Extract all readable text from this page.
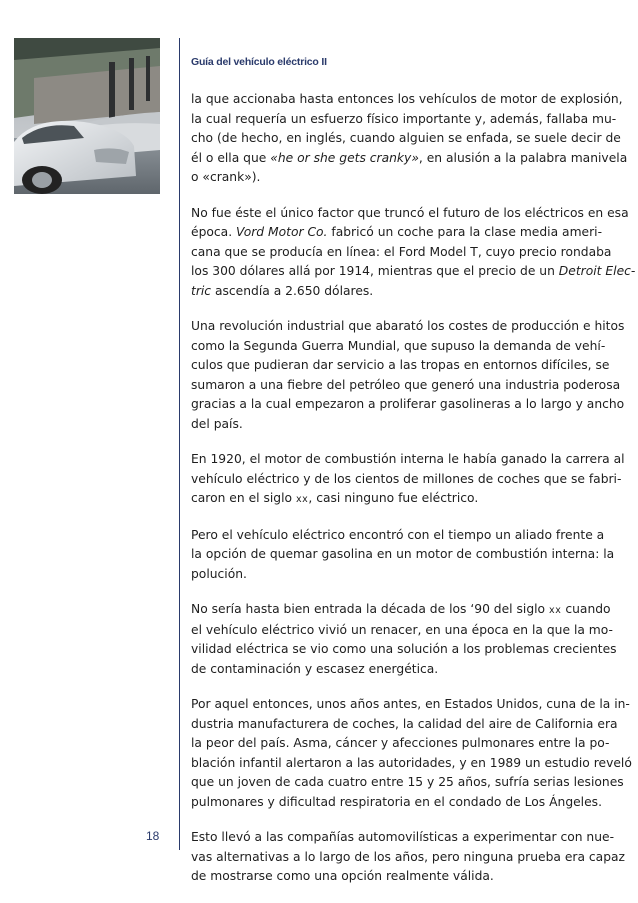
Guía del vehículo eléctrico II

la que accionaba hasta entonces los vehículos de motor de explosión,
la cual requería un esfuerzo físico importante y, además, fallaba mu-
cho (de hecho, en inglés, cuando alguien se enfada, se suele decir de
él o ella que «he or she gets cranky», en alusión a la palabra manivela
o «crank»).

No fue éste el único factor que truncó el futuro de los eléctricos en esa
época. Vord Motor Co. fabricó un coche para la clase media ameri-
cana que se producía en línea: el Ford Model T, cuyo precio rondaba
los 300 dólares allá por 1914, mientras que el precio de un Detroit Elec-
tric ascendía a 2.650 dólares.

Una revolución industrial que abarató los costes de producción e hitos
como la Segunda Guerra Mundial, que supuso la demanda de vehí-
culos que pudieran dar servicio a las tropas en entornos difíciles, se
sumaron a una fiebre del petróleo que generó una industria poderosa
gracias a la cual empezaron a proliferar gasolineras a lo largo y ancho
del país.

En 1920, el motor de combustión interna le había ganado la carrera al
vehículo eléctrico y de los cientos de millones de coches que se fabri-
caron en el siglo xx, casi ninguno fue eléctrico.

Pero el vehículo eléctrico encontró con el tiempo un aliado frente a
la opción de quemar gasolina en un motor de combustión interna: la
polución.

No sería hasta bien entrada la década de los ‘90 del siglo xx cuando
el vehículo eléctrico vivió un renacer, en una época en la que la mo-
vilidad eléctrica se vio como una solución a los problemas crecientes
de contaminación y escasez energética.

Por aquel entonces, unos años antes, en Estados Unidos, cuna de la in-
dustria manufacturera de coches, la calidad del aire de California era
la peor del país. Asma, cáncer y afecciones pulmonares entre la po-
blación infantil alertaron a las autoridades, y en 1989 un estudio reveló
que un joven de cada cuatro entre 15 y 25 años, sufría serias lesiones
pulmonares y dificultad respiratoria en el condado de Los Ángeles.

Esto llevó a las compañías automovilísticas a experimentar con nue-
vas alternativas a lo largo de los años, pero ninguna prueba era capaz
de mostrarse como una opción realmente válida.

18
